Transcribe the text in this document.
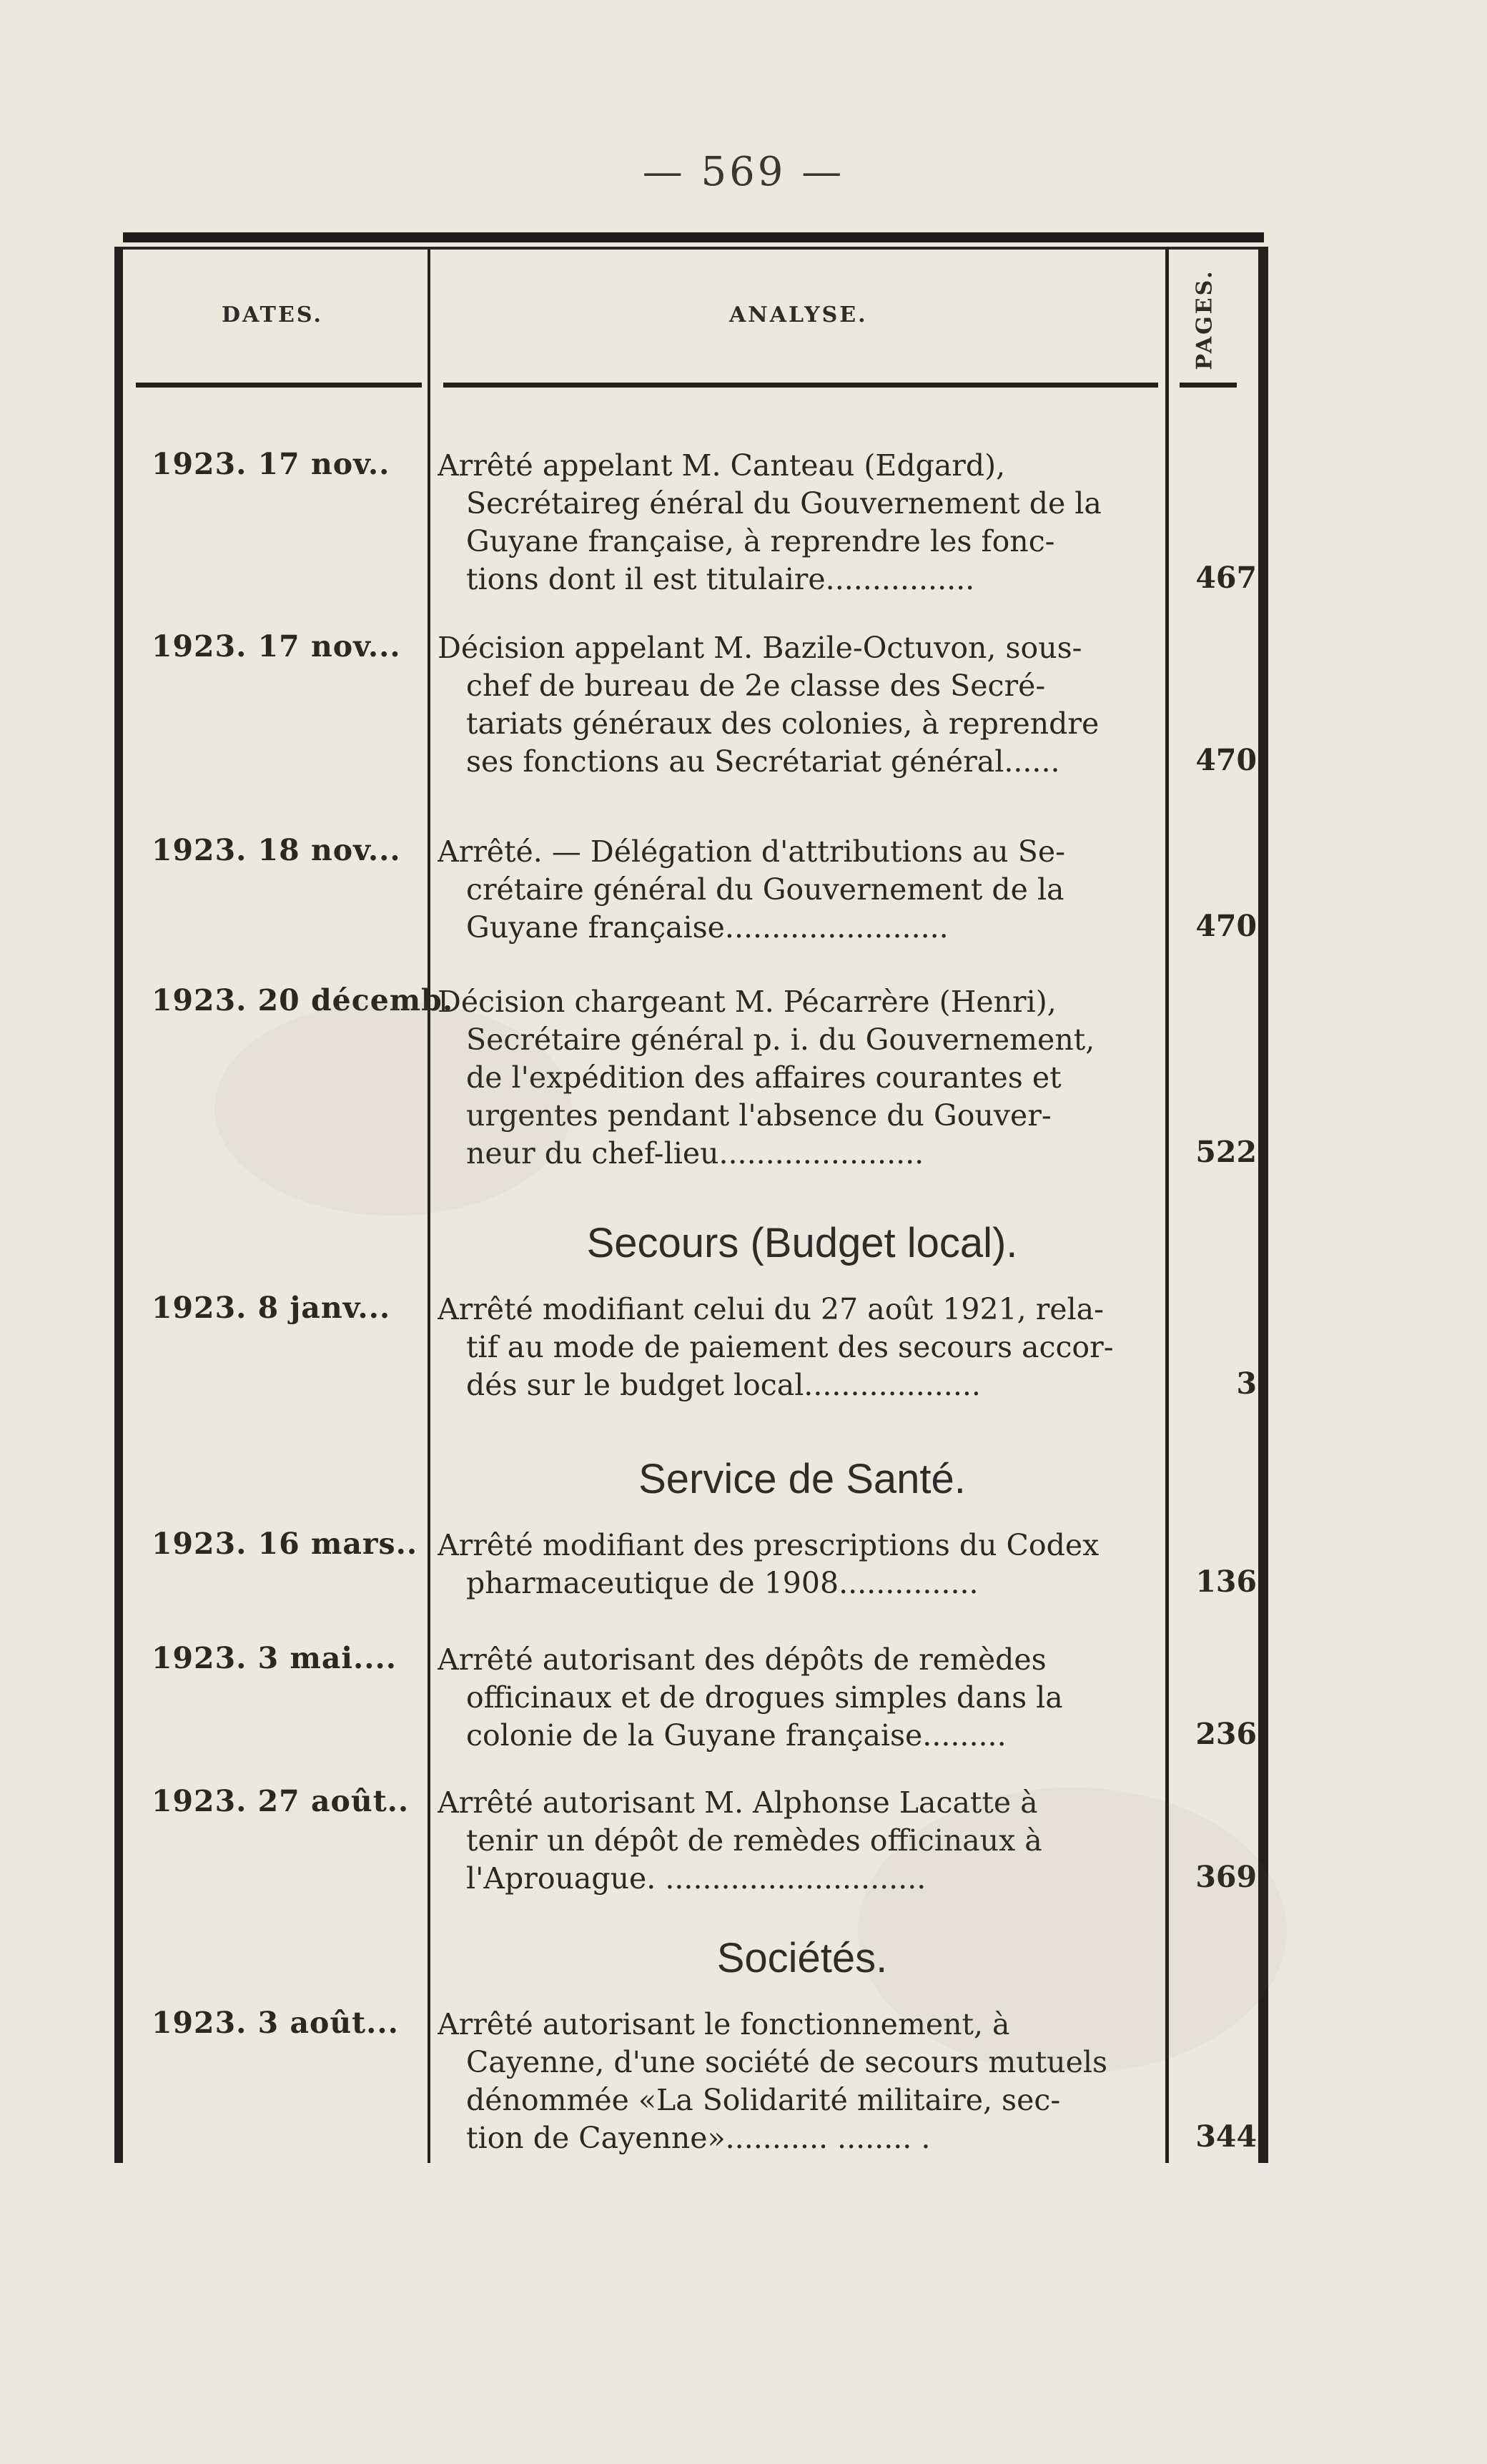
— 569 —
DATES.	ANALYSE.	PAGES.
1923. 17 nov..	Arrêté appelant M. Canteau (Edgard),
Secrétaireg énéral du Gouvernement de la
Guyane française, à reprendre les fonc-
tions dont il est titulaire................	467
1923. 17 nov...	Décision appelant M. Bazile-Octuvon, sous-
chef de bureau de 2e classe des Secré-
tariats généraux des colonies, à reprendre
ses fonctions au Secrétariat général......	470
1923. 18 nov...	Arrêté. — Délégation d'attributions au Se-
crétaire général du Gouvernement de la
Guyane française........................	470
1923. 20 décemb.
Décision chargeant M. Pécarrère (Henri),
Secrétaire général p. i. du Gouvernement,
de l'expédition des affaires courantes et
urgentes pendant l'absence du Gouver-
neur du chef-lieu......................	522
Secours (Budget local).
1923. 8 janv...	Arrêté modifiant celui du 27 août 1921, rela-
tif au mode de paiement des secours accor-
dés sur le budget local...................	3
Service de Santé.
1923. 16 mars.. Arrêté modifiant des prescriptions du Codex
pharmaceutique de 1908...............	136
1923. 3 mai....	Arrêté autorisant des dépôts de remèdes
officinaux et de drogues simples dans la
colonie de la Guyane française.........	236
1923. 27 août.. Arrêté autorisant M. Alphonse Lacatte à
tenir un dépôt de remèdes officinaux à
l'Aprouague. ............................	369
Sociétés.
1923. 3 août...	Arrêté autorisant le fonctionnement, à
Cayenne, d'une société de secours mutuels
dénommée «La Solidarité militaire, sec-
tion de Cayenne»........... ........ .	344
